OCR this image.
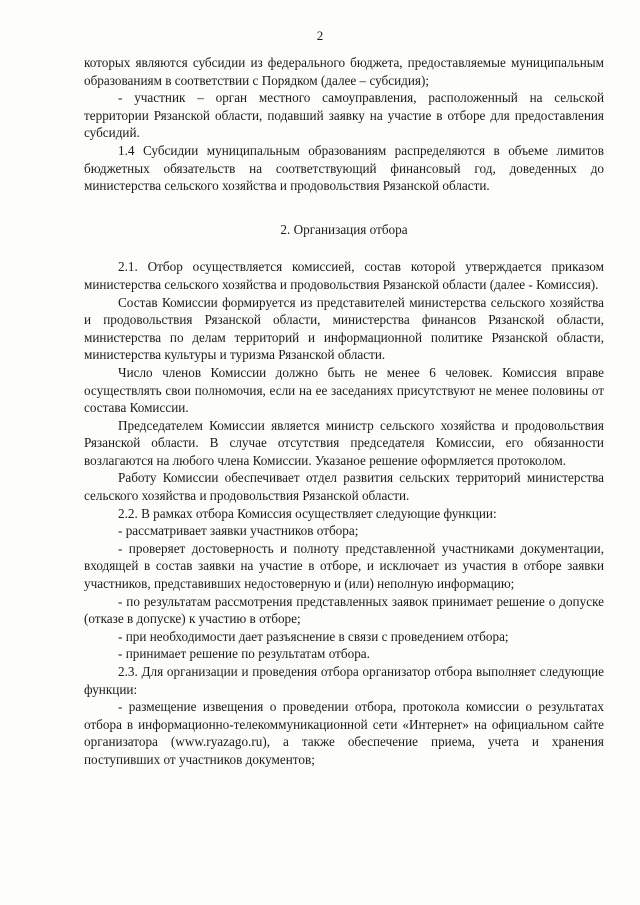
2

которых являются субсидии из федерального бюджета, предоставляемые муниципальным образованиям в соответствии с Порядком (далее – субсидия);

- участник – орган местного самоуправления, расположенный на сельской территории Рязанской области, подавший заявку на участие в отборе для предоставления субсидий.

1.4 Субсидии муниципальным образованиям распределяются в объеме лимитов бюджетных обязательств на соответствующий финансовый год, доведенных до министерства сельского хозяйства и продовольствия Рязанской области.

2. Организация отбора

2.1. Отбор осуществляется комиссией, состав которой утверждается приказом министерства сельского хозяйства и продовольствия Рязанской области (далее - Комиссия).

Состав Комиссии формируется из представителей министерства сельского хозяйства и продовольствия Рязанской области, министерства финансов Рязанской области, министерства по делам территорий и информационной политике Рязанской области, министерства культуры и туризма Рязанской области.

Число членов Комиссии должно быть не менее 6 человек. Комиссия вправе осуществлять свои полномочия, если на ее заседаниях присутствуют не менее половины от состава Комиссии.

Председателем Комиссии является министр сельского хозяйства и продовольствия Рязанской области. В случае отсутствия председателя Комиссии, его обязанности возлагаются на любого члена Комиссии. Указаное решение оформляется протоколом.

Работу Комиссии обеспечивает отдел развития сельских территорий министерства сельского хозяйства и продовольствия Рязанской области.

2.2. В рамках отбора Комиссия осуществляет следующие функции:

- рассматривает заявки участников отбора;

- проверяет достоверность и полноту представленной участниками документации, входящей в состав заявки на участие в отборе, и исключает из участия в отборе заявки участников, представивших недостоверную и (или) неполную информацию;

- по результатам рассмотрения представленных заявок принимает решение о допуске (отказе в допуске) к участию в отборе;

- при необходимости дает разъяснение в связи с проведением отбора;

- принимает решение по результатам отбора.

2.3. Для организации и проведения отбора организатор отбора выполняет следующие функции:

- размещение извещения о проведении отбора, протокола комиссии о результатах отбора в информационно-телекоммуникационной сети «Интернет» на официальном сайте организатора (www.ryazago.ru), а также обеспечение приема, учета и хранения поступивших от участников документов;
